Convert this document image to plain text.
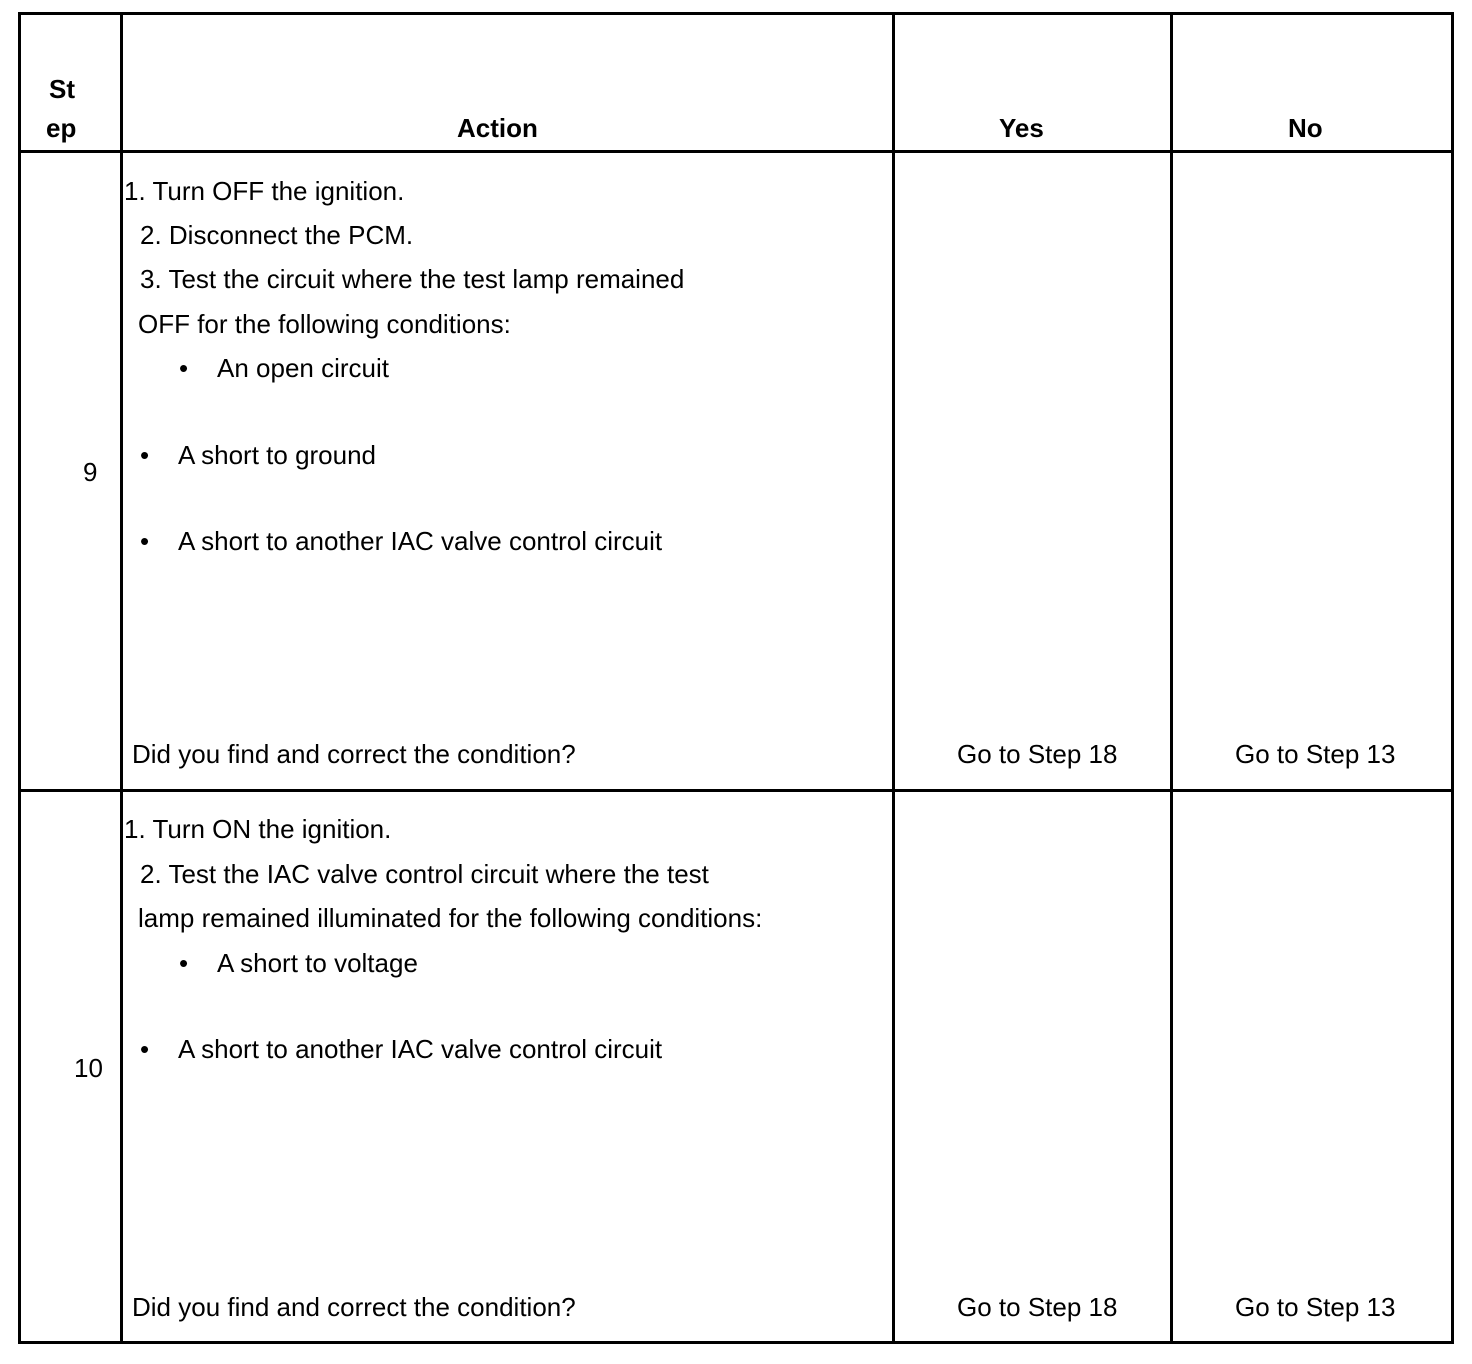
St
ep	Action	Yes	No
9
1. Turn OFF the ignition.
2. Disconnect the PCM.
3. Test the circuit where the test lamp remained
OFF for the following conditions:
• An open circuit
• A short to ground
• A short to another IAC valve control circuit
Did you find and correct the condition?	Go to Step 18	Go to Step 13
10
1. Turn ON the ignition.
2. Test the IAC valve control circuit where the test
lamp remained illuminated for the following conditions:
• A short to voltage
• A short to another IAC valve control circuit
Did you find and correct the condition?	Go to Step 18	Go to Step 13
